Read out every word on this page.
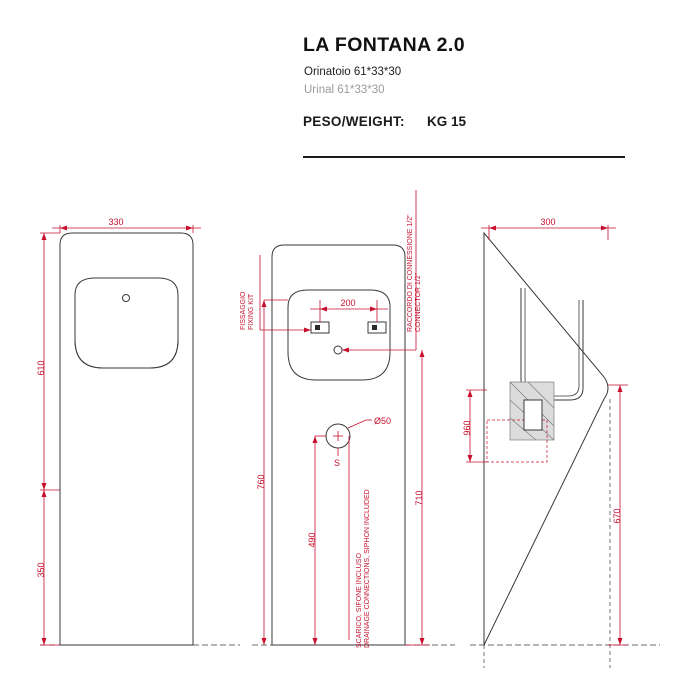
LA FONTANA 2.0
Orinatoio 61*33*30
Urinal 61*33*30
PESO/WEIGHT: KG 15
330
610
350
200
Ø50
S
760
490
710
FISSAGGIO FIXING KIT	RACCORDO DI CONNESSIONE 1/2" CONNECTOR 1/2"
SCARICO, SIFONE INCLUSO DRAINAGE CONNECTIONS, SIPHON INCLUDED
300
960
670
